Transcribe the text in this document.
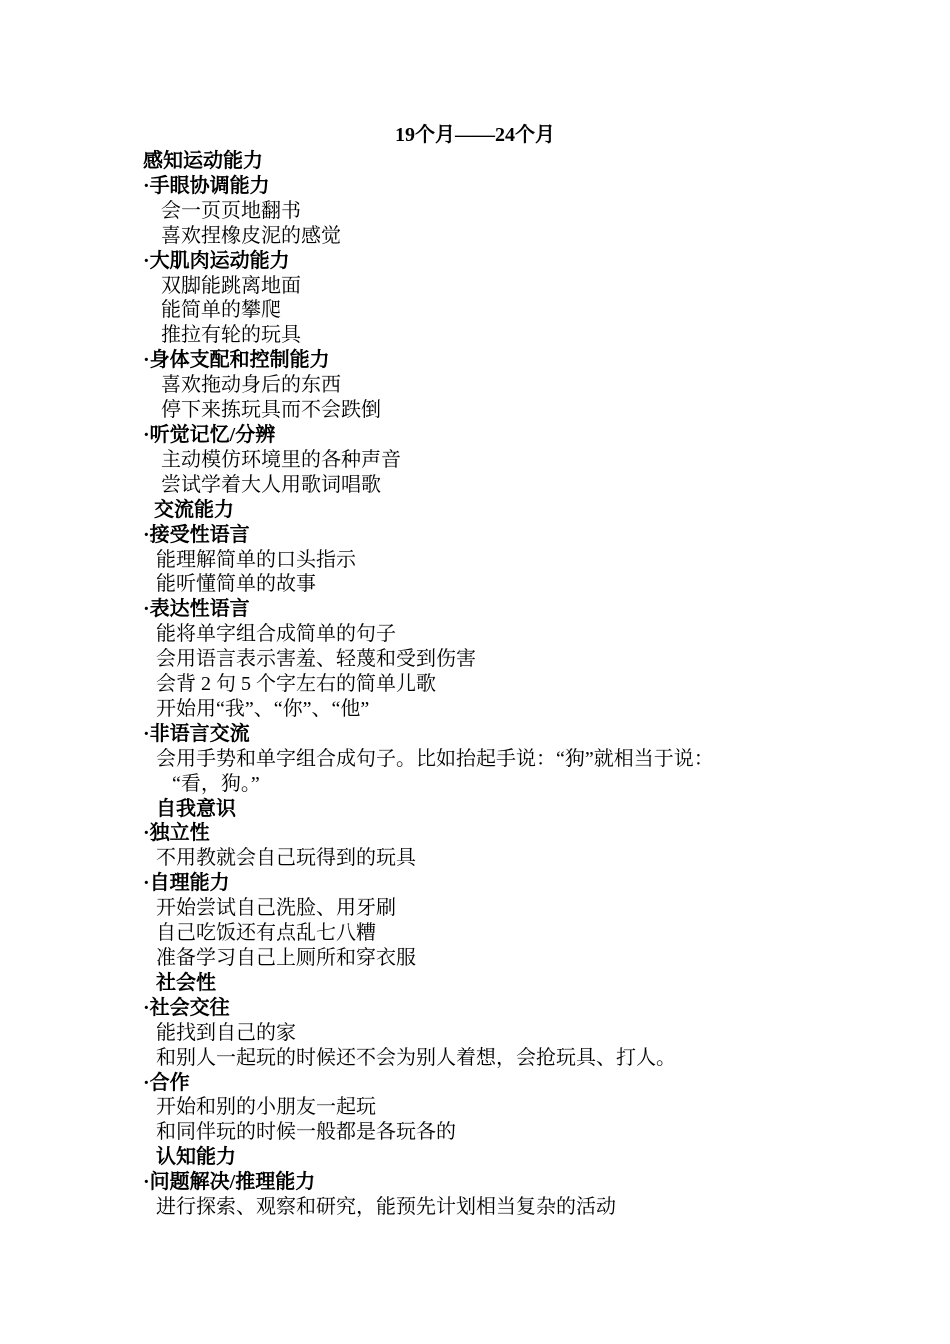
19个月——24个月
感知运动能力
·手眼协调能力
会一页页地翻书
喜欢捏橡皮泥的感觉
·大肌肉运动能力
双脚能跳离地面
能简单的攀爬
推拉有轮的玩具
·身体支配和控制能力
喜欢拖动身后的东西
停下来拣玩具而不会跌倒
·听觉记忆/分辨
主动模仿环境里的各种声音
尝试学着大人用歌词唱歌
交流能力
·接受性语言
能理解简单的口头指示
能听懂简单的故事
·表达性语言
能将单字组合成简单的句子
会用语言表示害羞、轻蔑和受到伤害
会背 2 句 5 个字左右的简单儿歌
开始用“我”、“你”、“他”
·非语言交流
会用手势和单字组合成句子。比如抬起手说：“狗”就相当于说：
“看，狗。”
自我意识
·独立性
不用教就会自己玩得到的玩具
·自理能力
开始尝试自己洗脸、用牙刷
自己吃饭还有点乱七八糟
准备学习自己上厕所和穿衣服
社会性
·社会交往
能找到自己的家
和别人一起玩的时候还不会为别人着想，会抢玩具、打人。
·合作
开始和别的小朋友一起玩
和同伴玩的时候一般都是各玩各的
认知能力
·问题解决/推理能力
进行探索、观察和研究，能预先计划相当复杂的活动
